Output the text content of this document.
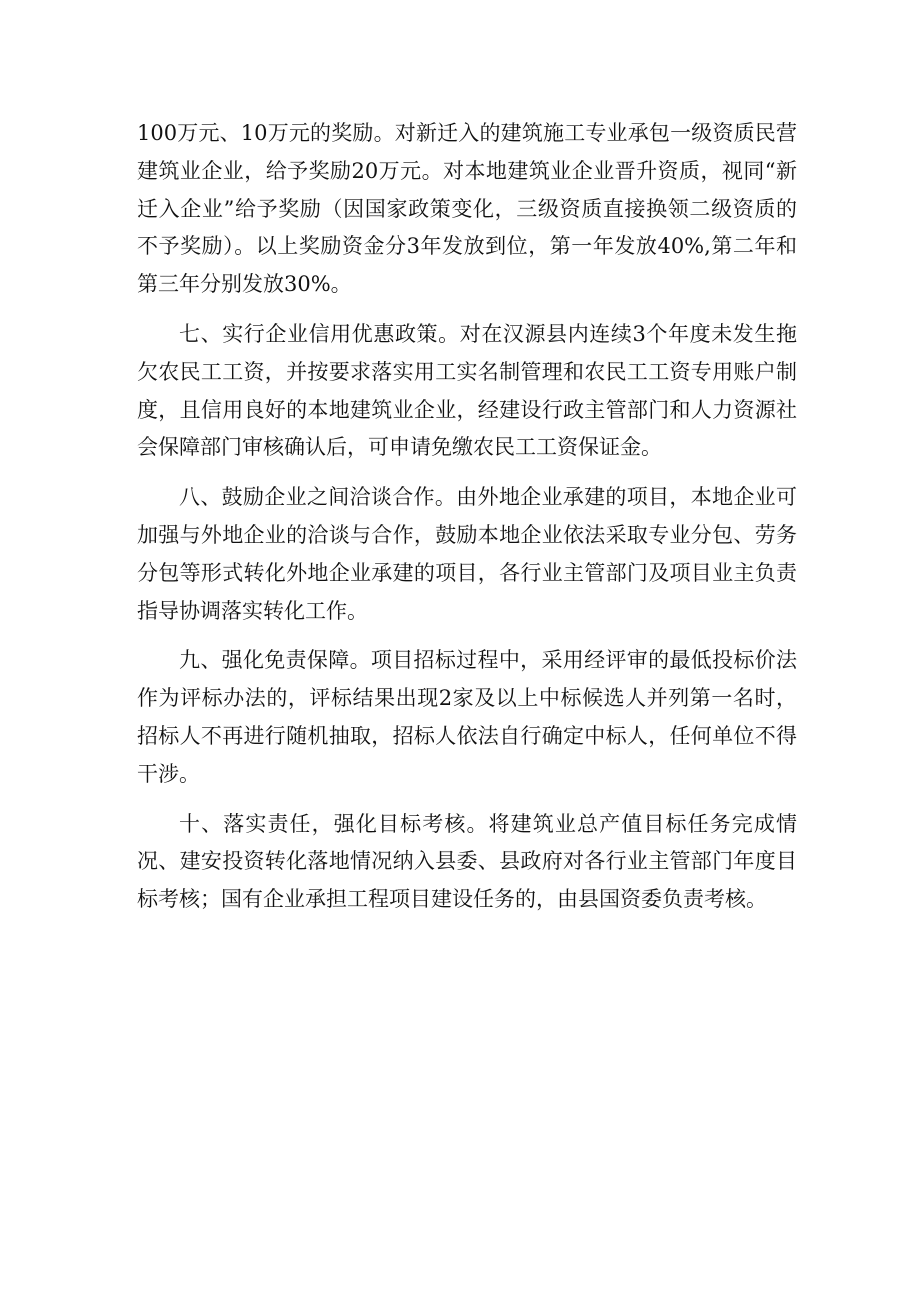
100万元、10万元的奖励。对新迁入的建筑施工专业承包一级资质民营建筑业企业，给予奖励20万元。对本地建筑业企业晋升资质，视同“新迁入企业”给予奖励（因国家政策变化，三级资质直接换领二级资质的不予奖励）。以上奖励资金分3年发放到位，第一年发放40%,第二年和第三年分别发放30%。

七、实行企业信用优惠政策。对在汉源县内连续3个年度未发生拖欠农民工工资，并按要求落实用工实名制管理和农民工工资专用账户制度，且信用良好的本地建筑业企业，经建设行政主管部门和人力资源社会保障部门审核确认后，可申请免缴农民工工资保证金。

八、鼓励企业之间洽谈合作。由外地企业承建的项目，本地企业可加强与外地企业的洽谈与合作，鼓励本地企业依法采取专业分包、劳务分包等形式转化外地企业承建的项目，各行业主管部门及项目业主负责指导协调落实转化工作。

九、强化免责保障。项目招标过程中，采用经评审的最低投标价法作为评标办法的，评标结果出现2家及以上中标候选人并列第一名时，招标人不再进行随机抽取，招标人依法自行确定中标人，任何单位不得干涉。

十、落实责任，强化目标考核。将建筑业总产值目标任务完成情况、建安投资转化落地情况纳入县委、县政府对各行业主管部门年度目标考核；国有企业承担工程项目建设任务的，由县国资委负责考核。
